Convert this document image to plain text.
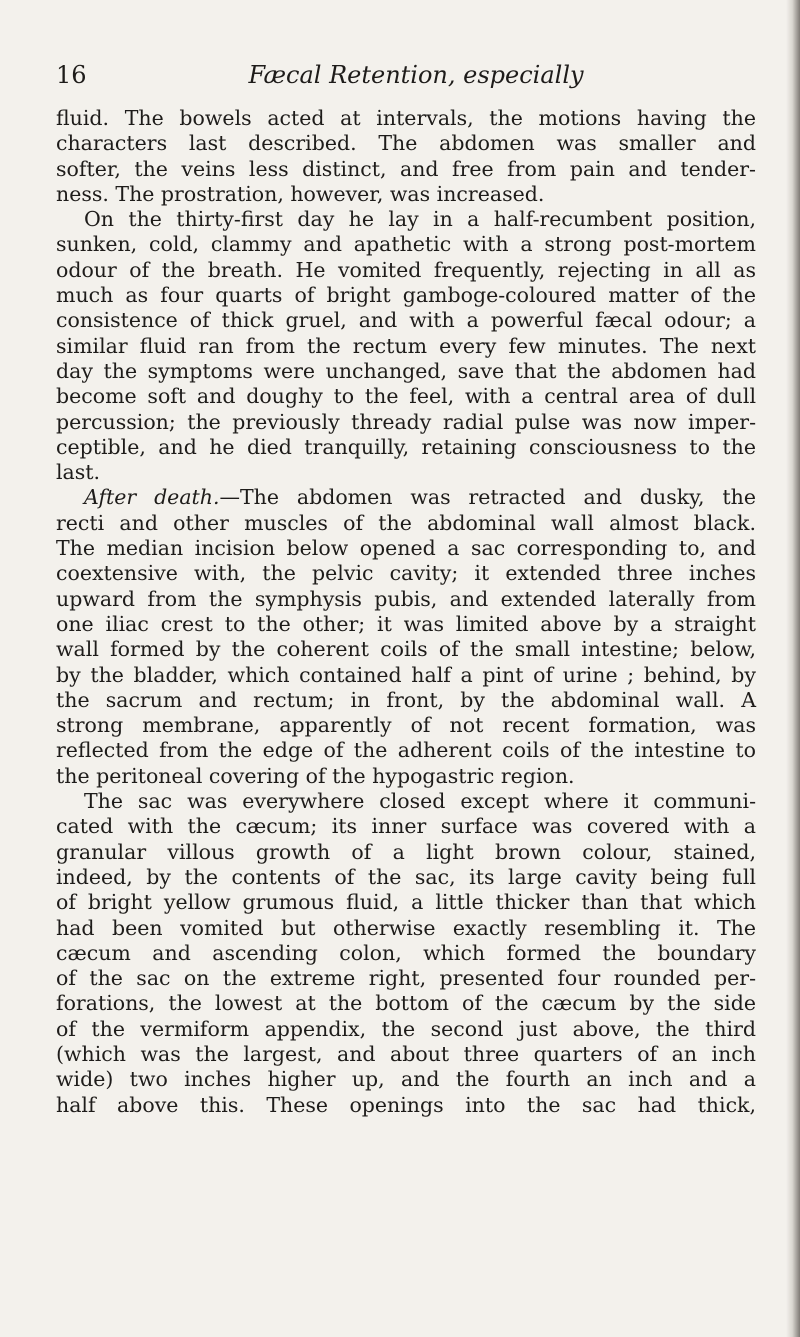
16	Fæcal Retention, especially
fluid. The bowels acted at intervals, the motions having the
characters last described. The abdomen was smaller and
softer, the veins less distinct, and free from pain and tender-
ness. The prostration, however, was increased.
On the thirty-first day he lay in a half-recumbent position,
sunken, cold, clammy and apathetic with a strong post-mortem
odour of the breath. He vomited frequently, rejecting in all as
much as four quarts of bright gamboge-coloured matter of the
consistence of thick gruel, and with a powerful fæcal odour; a
similar fluid ran from the rectum every few minutes. The next
day the symptoms were unchanged, save that the abdomen had
become soft and doughy to the feel, with a central area of dull
percussion; the previously thready radial pulse was now imper-
ceptible, and he died tranquilly, retaining consciousness to the
last.
After death.—The abdomen was retracted and dusky, the
recti and other muscles of the abdominal wall almost black.
The median incision below opened a sac corresponding to, and
coextensive with, the pelvic cavity; it extended three inches
upward from the symphysis pubis, and extended laterally from
one iliac crest to the other; it was limited above by a straight
wall formed by the coherent coils of the small intestine; below,
by the bladder, which contained half a pint of urine ; behind, by
the sacrum and rectum; in front, by the abdominal wall. A
strong membrane, apparently of not recent formation, was
reflected from the edge of the adherent coils of the intestine to
the peritoneal covering of the hypogastric region.
The sac was everywhere closed except where it communi-
cated with the cæcum; its inner surface was covered with a
granular villous growth of a light brown colour, stained,
indeed, by the contents of the sac, its large cavity being full
of bright yellow grumous fluid, a little thicker than that which
had been vomited but otherwise exactly resembling it. The
cæcum and ascending colon, which formed the boundary
of the sac on the extreme right, presented four rounded per-
forations, the lowest at the bottom of the cæcum by the side
of the vermiform appendix, the second just above, the third
(which was the largest, and about three quarters of an inch
wide) two inches higher up, and the fourth an inch and a
half above this. These openings into the sac had thick,
